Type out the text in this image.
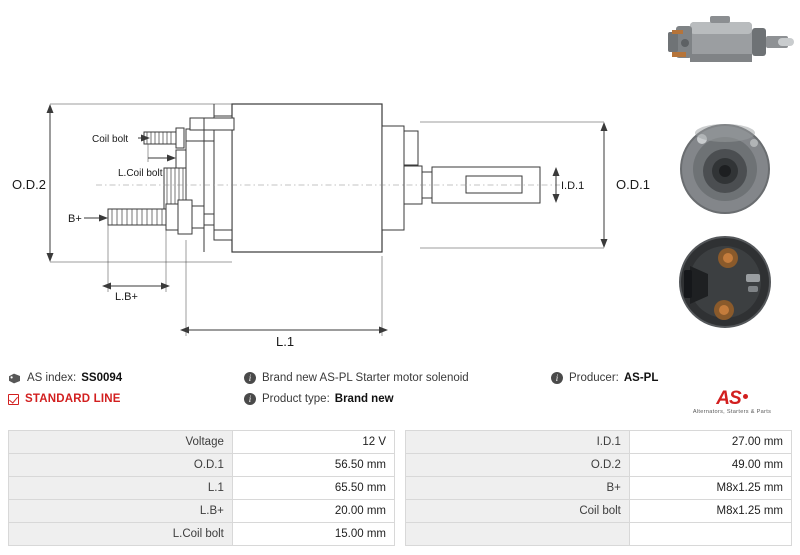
O.D.2	O.D.1
I.D.1
L.1
L.B+
B+
Coil bolt
L.Coil bolt
AS index: SS0094
STANDARD LINE
i Brand new AS-PL Starter motor solenoid
i Product type: Brand new
i Producer: AS-PL
AS
Alternators, Starters & Parts
Voltage	12 V
O.D.1	56.50 mm
L.1	65.50 mm
L.B+	20.00 mm
L.Coil bolt	15.00 mm
I.D.1	27.00 mm
O.D.2	49.00 mm
B+	M8x1.25 mm
Coil bolt	M8x1.25 mm
